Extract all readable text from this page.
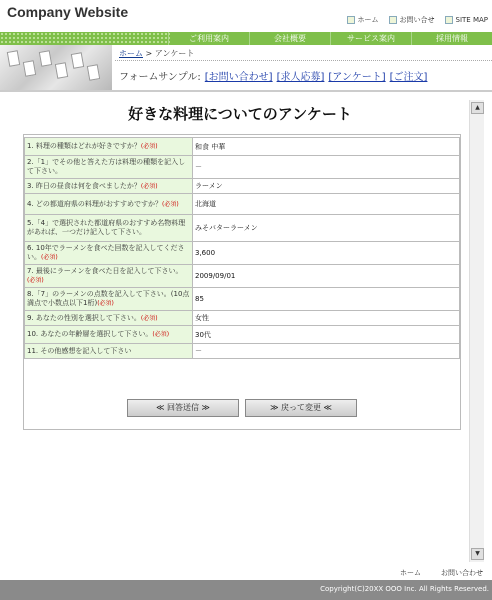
Company Website	ホーム	お問い合せ	SITE MAP
ご利用案内	会社概要	サービス案内	採用情報
ホーム > アンケート
フォームサンプル: [お問い合わせ] [求人応募] [アンケート] [ご注文]
▲
▼
好きな料理についてのアンケート
1. 料理の種類はどれが好きですか？(必須)	和食 中華
2.「1」でその他と答えた方は料理の種類を記入して下さい。	－
3. 昨日の昼食は何を食べましたか？(必須)	ラーメン
4. どの都道府県の料理がおすすめですか？(必須)	北海道
5.「4」で選択された都道府県のおすすめ名物料理があれば、一つだけ記入して下さい。	みそバターラーメン
6. 10年でラーメンを食べた回数を記入してください。(必須)	3,600
7. 最後にラーメンを食べた日を記入して下さい。(必須)	2009/09/01
8.「7」のラーメンの点数を記入して下さい。(10点満点で小数点以下1桁)(必須)	85
9. あなたの性別を選択して下さい。(必須)	女性
10. あなたの年齢層を選択して下さい。(必須)	30代
11. その他感想を記入して下さい	－
≪ 回答送信 ≫	≫ 戻って変更 ≪
ホーム	お問い合わせ
Copyright(C)20XX OOO Inc. All Rights Reserved.
